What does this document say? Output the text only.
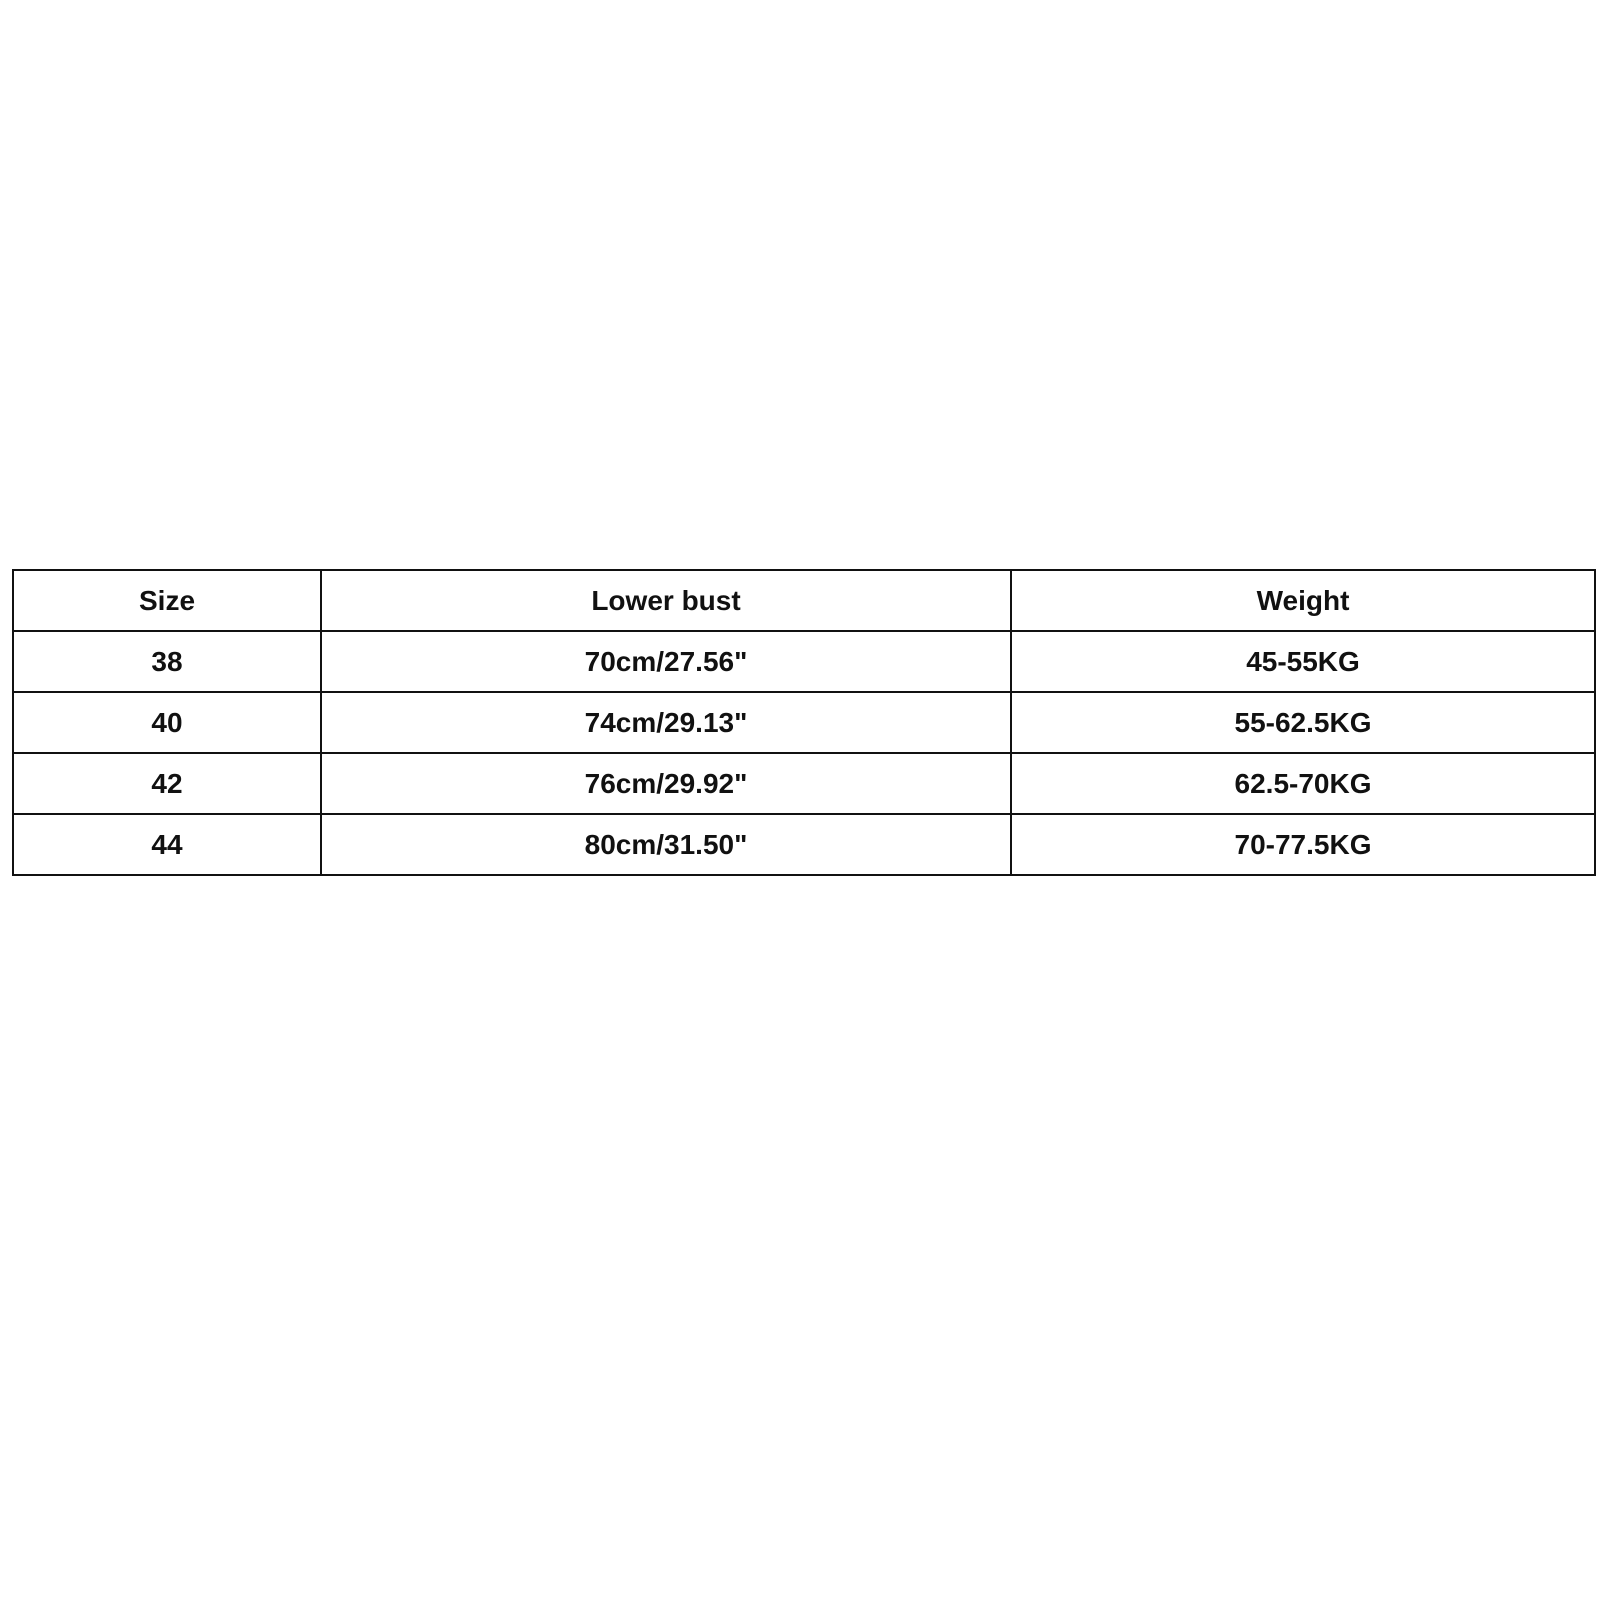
Size	Lower bust	Weight
38	70cm/27.56"	45-55KG
40	74cm/29.13"	55-62.5KG
42	76cm/29.92"	62.5-70KG
44	80cm/31.50"	70-77.5KG
